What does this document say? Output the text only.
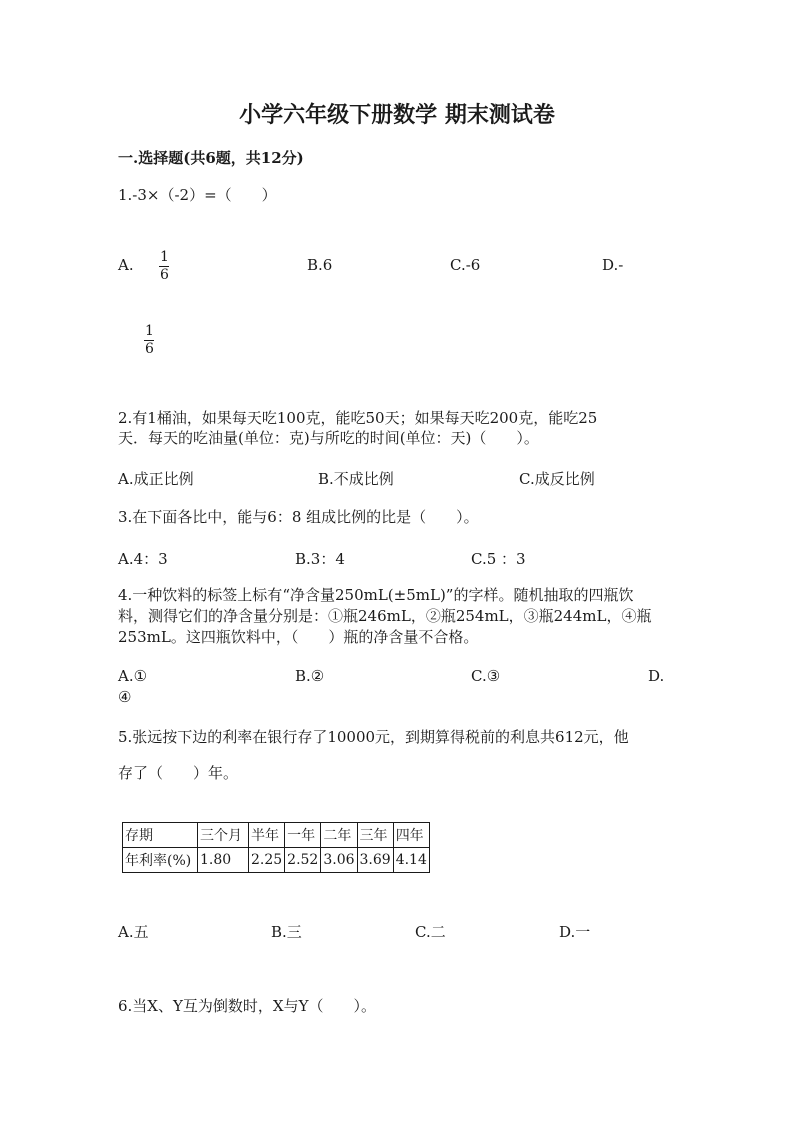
小学六年级下册数学 期末测试卷
一.选择题(共6题，共12分)
1.-3×（-2）=（　　）
A. 1
6
B.6	C.-6	D.-
1
6
2.有1桶油，如果每天吃100克，能吃50天；如果每天吃200克，能吃25
天．每天的吃油量(单位：克)与所吃的时间(单位：天)（　　）。
A.成正比例	B.不成比例	C.成反比例
3.在下面各比中，能与6：8 组成比例的比是（　　）。
A.4：3	B.3：4	C.5 ：3
4.一种饮料的标签上标有“净含量250mL(±5mL)”的字样。随机抽取的四瓶饮
料，测得它们的净含量分别是：①瓶246mL，②瓶254mL，③瓶244mL，④瓶
253mL。这四瓶饮料中，（　　）瓶的净含量不合格。
A.①	B.②	C.③	D.
④
5.张远按下边的利率在银行存了10000元，到期算得税前的利息共612元，他
存了（　　）年。
存期	三个月	半年	一年	二年	三年	四年
年利率(%)	1.80	2.25	2.52	3.06	3.69	4.14
A.五	B.三	C.二	D.一
6.当X、Y互为倒数时，X与Y（　　）。
